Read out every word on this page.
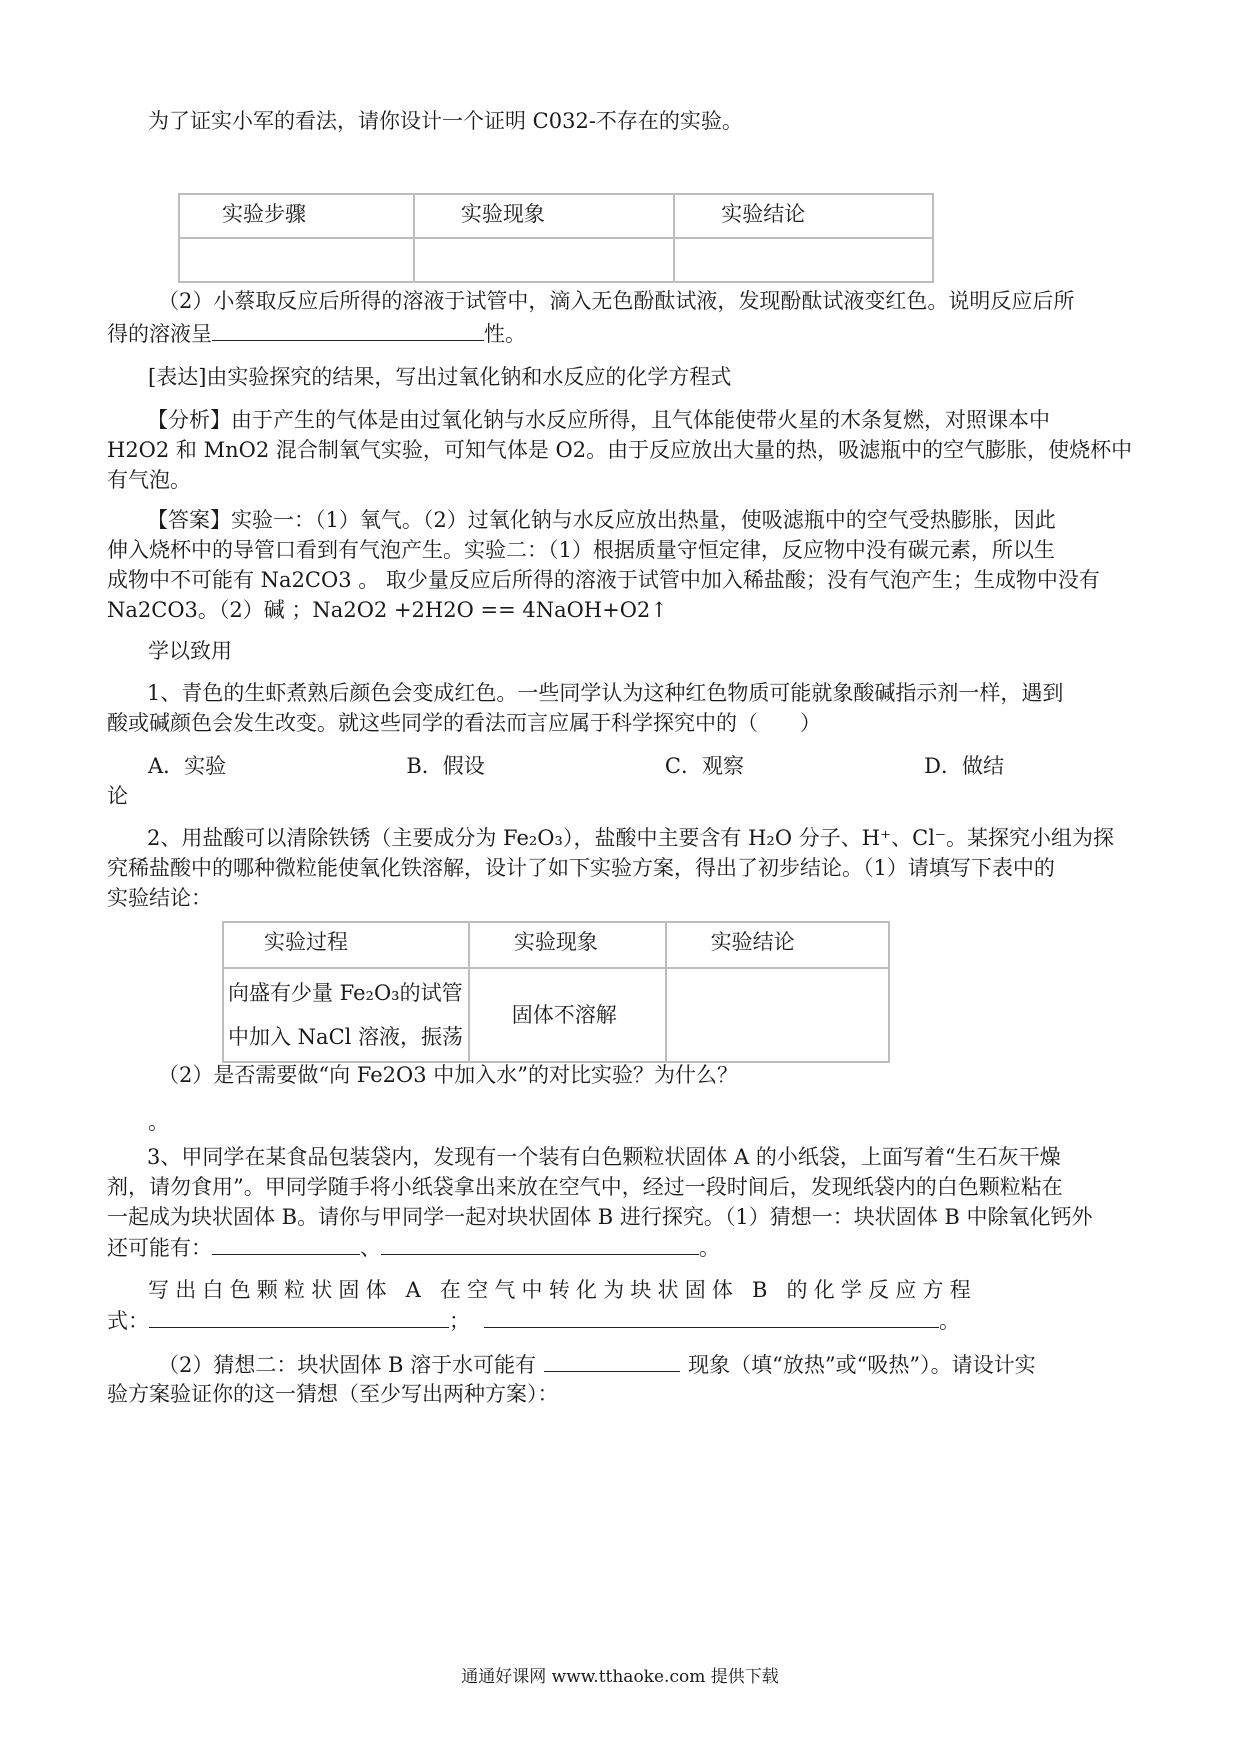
为了证实小军的看法，请你设计一个证明 C032-不存在的实验。
实验步骤	实验现象	实验结论

（2）小蔡取反应后所得的溶液于试管中，滴入无色酚酞试液，发现酚酞试液变红色。说明反应后所
得的溶液呈	性。
[表达]由实验探究的结果，写出过氧化钠和水反应的化学方程式
【分析】由于产生的气体是由过氧化钠与水反应所得，且气体能使带火星的木条复燃，对照课本中
H2O2 和 MnO2 混合制氧气实验，可知气体是 O2。由于反应放出大量的热，吸滤瓶中的空气膨胀，使烧杯中
有气泡。
【答案】实验一：（1）氧气。（2）过氧化钠与水反应放出热量，使吸滤瓶中的空气受热膨胀，因此
伸入烧杯中的导管口看到有气泡产生。实验二：（1）根据质量守恒定律，反应物中没有碳元素，所以生
成物中不可能有 Na2CO3 。 取少量反应后所得的溶液于试管中加入稀盐酸；没有气泡产生；生成物中没有
Na2CO3。（2）碱 ；Na2O2 +2H2O == 4NaOH+O2↑
学以致用
1、青色的生虾煮熟后颜色会变成红色。一些同学认为这种红色物质可能就象酸碱指示剂一样，遇到
酸或碱颜色会发生改变。就这些同学的看法而言应属于科学探究中的（　　）
A．实验	B．假设	C．观察	D．做结
论
2、用盐酸可以清除铁锈（主要成分为 Fe₂O₃），盐酸中主要含有 H₂O 分子、H⁺、Cl⁻。某探究小组为探
究稀盐酸中的哪种微粒能使氧化铁溶解，设计了如下实验方案，得出了初步结论。（1）请填写下表中的
实验结论：
实验过程	实验现象	实验结论

向盛有少量 Fe₂O₃的试管
中加入 NaCl 溶液，振荡	固体不溶解	
（2）是否需要做“向 Fe2O3 中加入水”的对比实验？为什么？
。
3、甲同学在某食品包装袋内，发现有一个装有白色颗粒状固体 A 的小纸袋，上面写着“生石灰干燥
剂，请勿食用”。甲同学随手将小纸袋拿出来放在空气中，经过一段时间后，发现纸袋内的白色颗粒粘在
一起成为块状固体 B。请你与甲同学一起对块状固体 B 进行探究。（1）猜想一：块状固体 B 中除氧化钙外
还可能有：	、	。
写出白色颗粒状固体 A 在空气中转化为块状固体 B 的化学反应方程
式：	；	。
（2）猜想二：块状固体 B 溶于水可能有	现象（填“放热”或“吸热”）。请设计实
验方案验证你的这一猜想（至少写出两种方案）：
通通好课网 www.tthaoke.com 提供下载
